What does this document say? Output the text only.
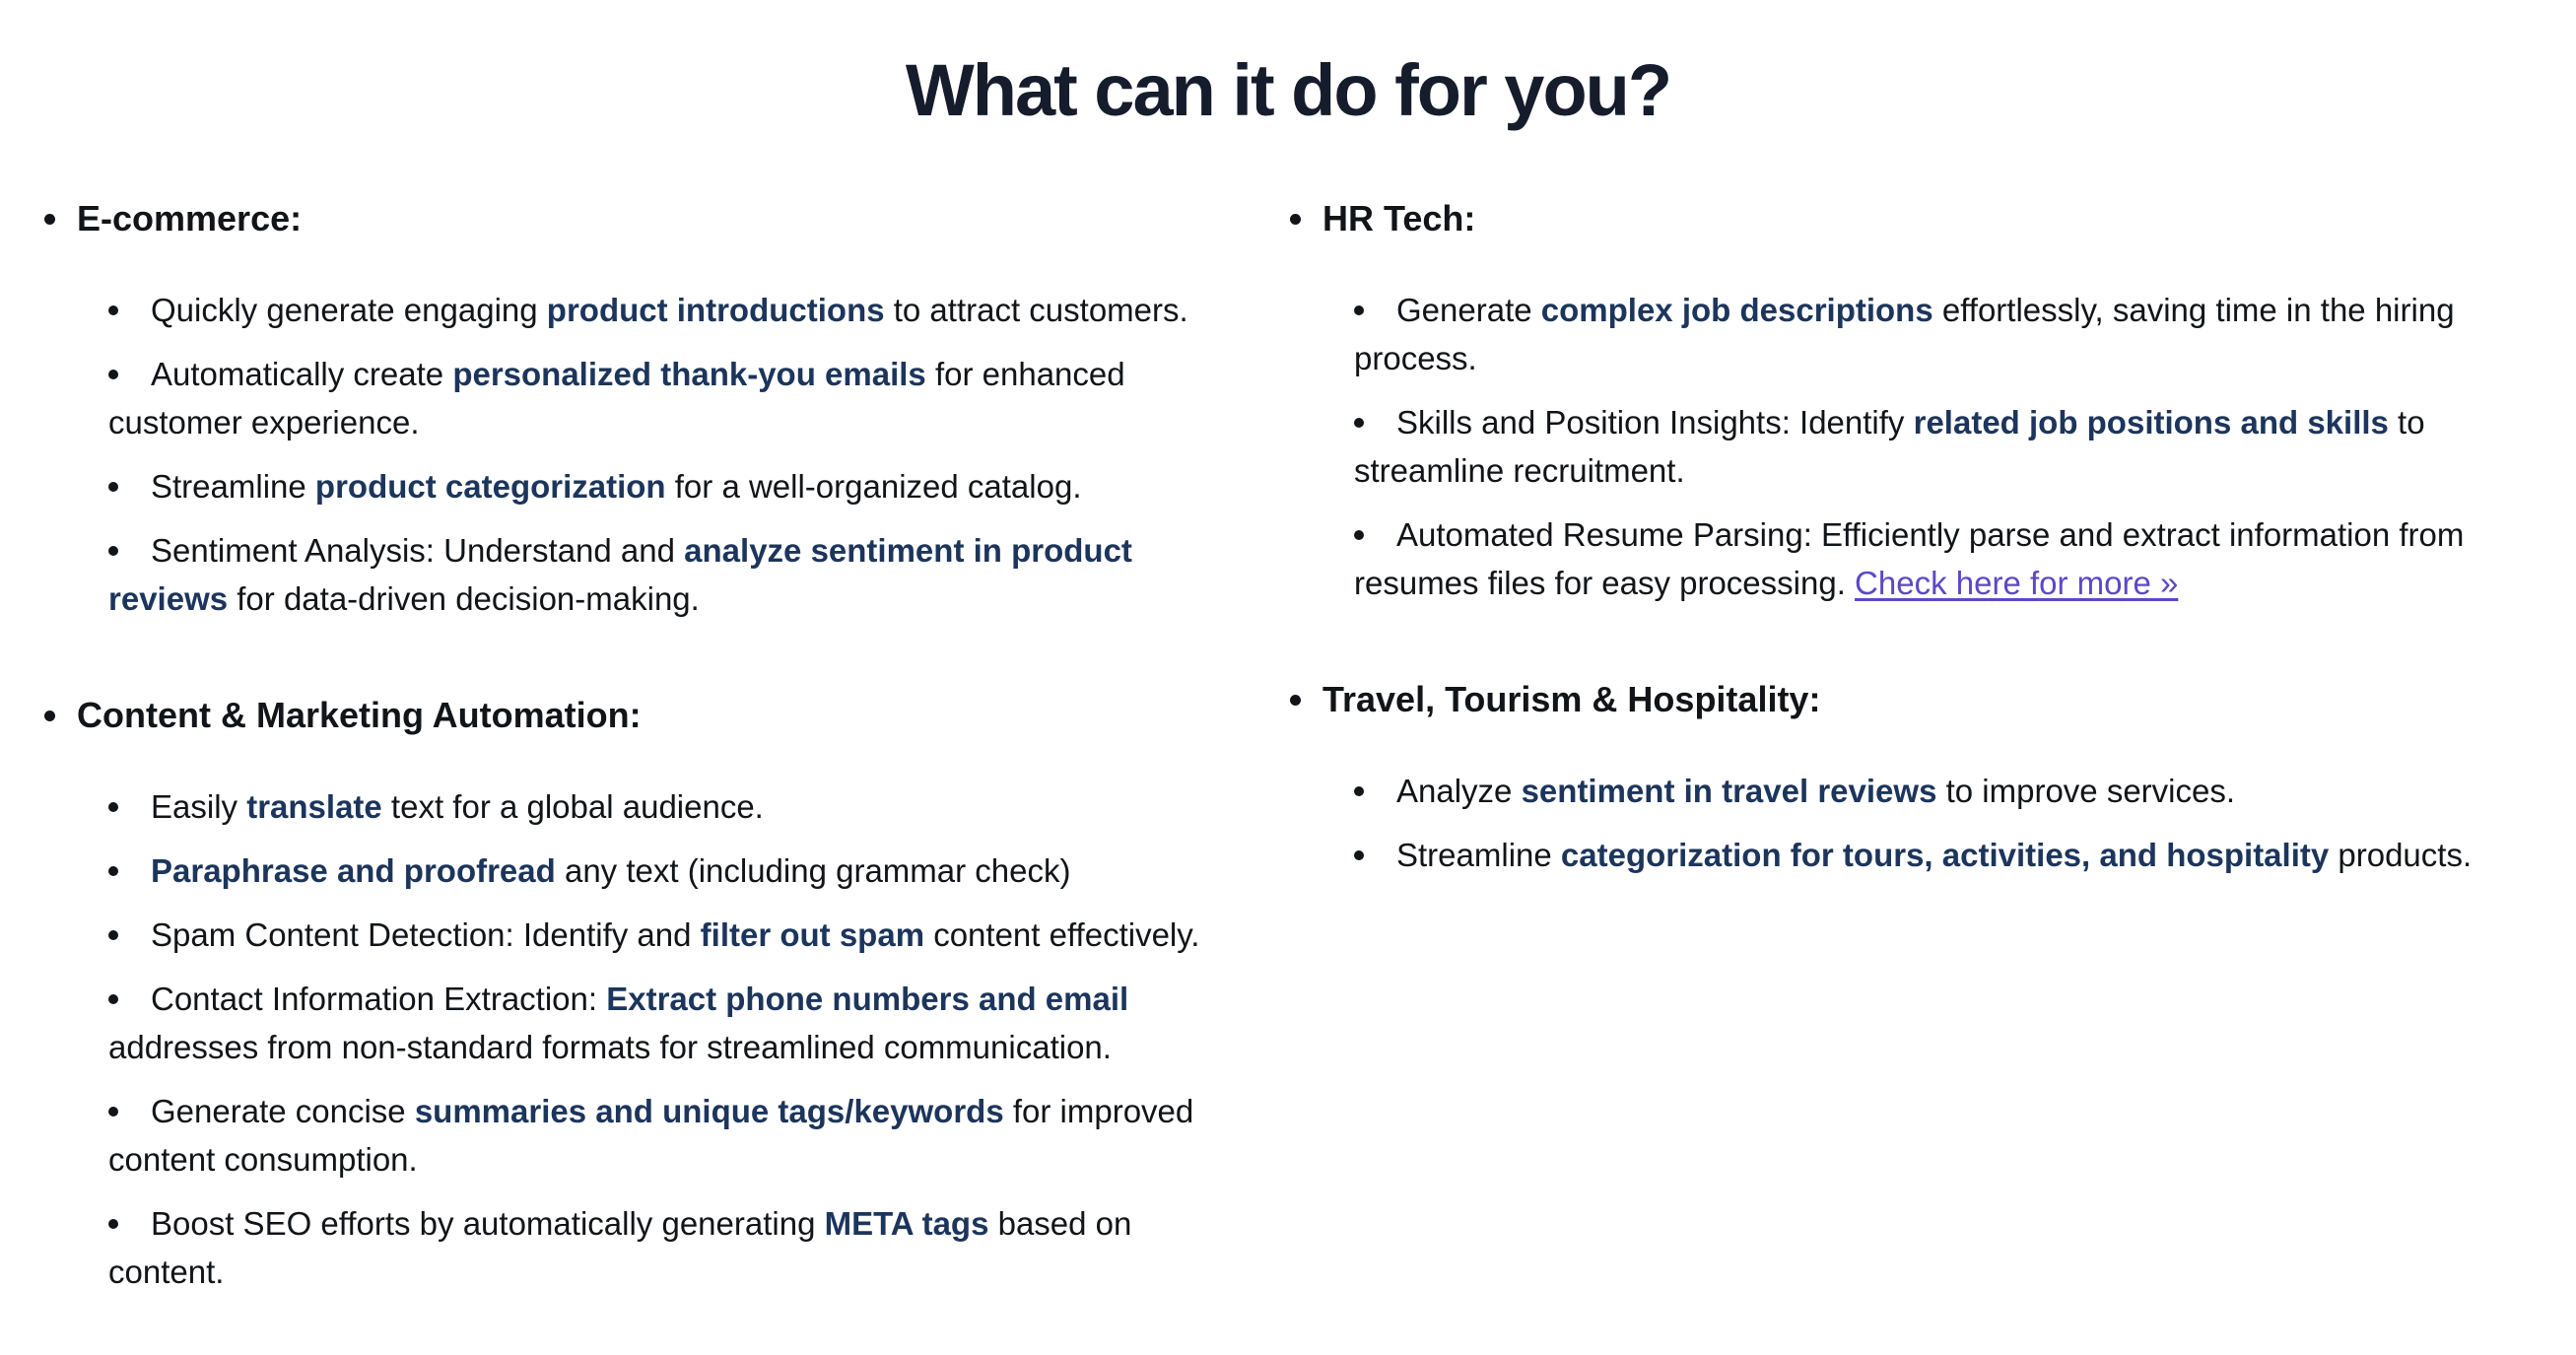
What can it do for you?
E-commerce:
Quickly generate engaging product introductions to attract customers.
Automatically create personalized thank-you emails for enhanced customer experience.
Streamline product categorization for a well-organized catalog.
Sentiment Analysis: Understand and analyze sentiment in product reviews for data-driven decision-making.
Content & Marketing Automation:
Easily translate text for a global audience.
Paraphrase and proofread any text (including grammar check)
Spam Content Detection: Identify and filter out spam content effectively.
Contact Information Extraction: Extract phone numbers and email addresses from non-standard formats for streamlined communication.
Generate concise summaries and unique tags/keywords for improved content consumption.
Boost SEO efforts by automatically generating META tags based on content.
HR Tech:
Generate complex job descriptions effortlessly, saving time in the hiring process.
Skills and Position Insights: Identify related job positions and skills to streamline recruitment.
Automated Resume Parsing: Efficiently parse and extract information from resumes files for easy processing. Check here for more »
Travel, Tourism & Hospitality:
Analyze sentiment in travel reviews to improve services.
Streamline categorization for tours, activities, and hospitality products.
